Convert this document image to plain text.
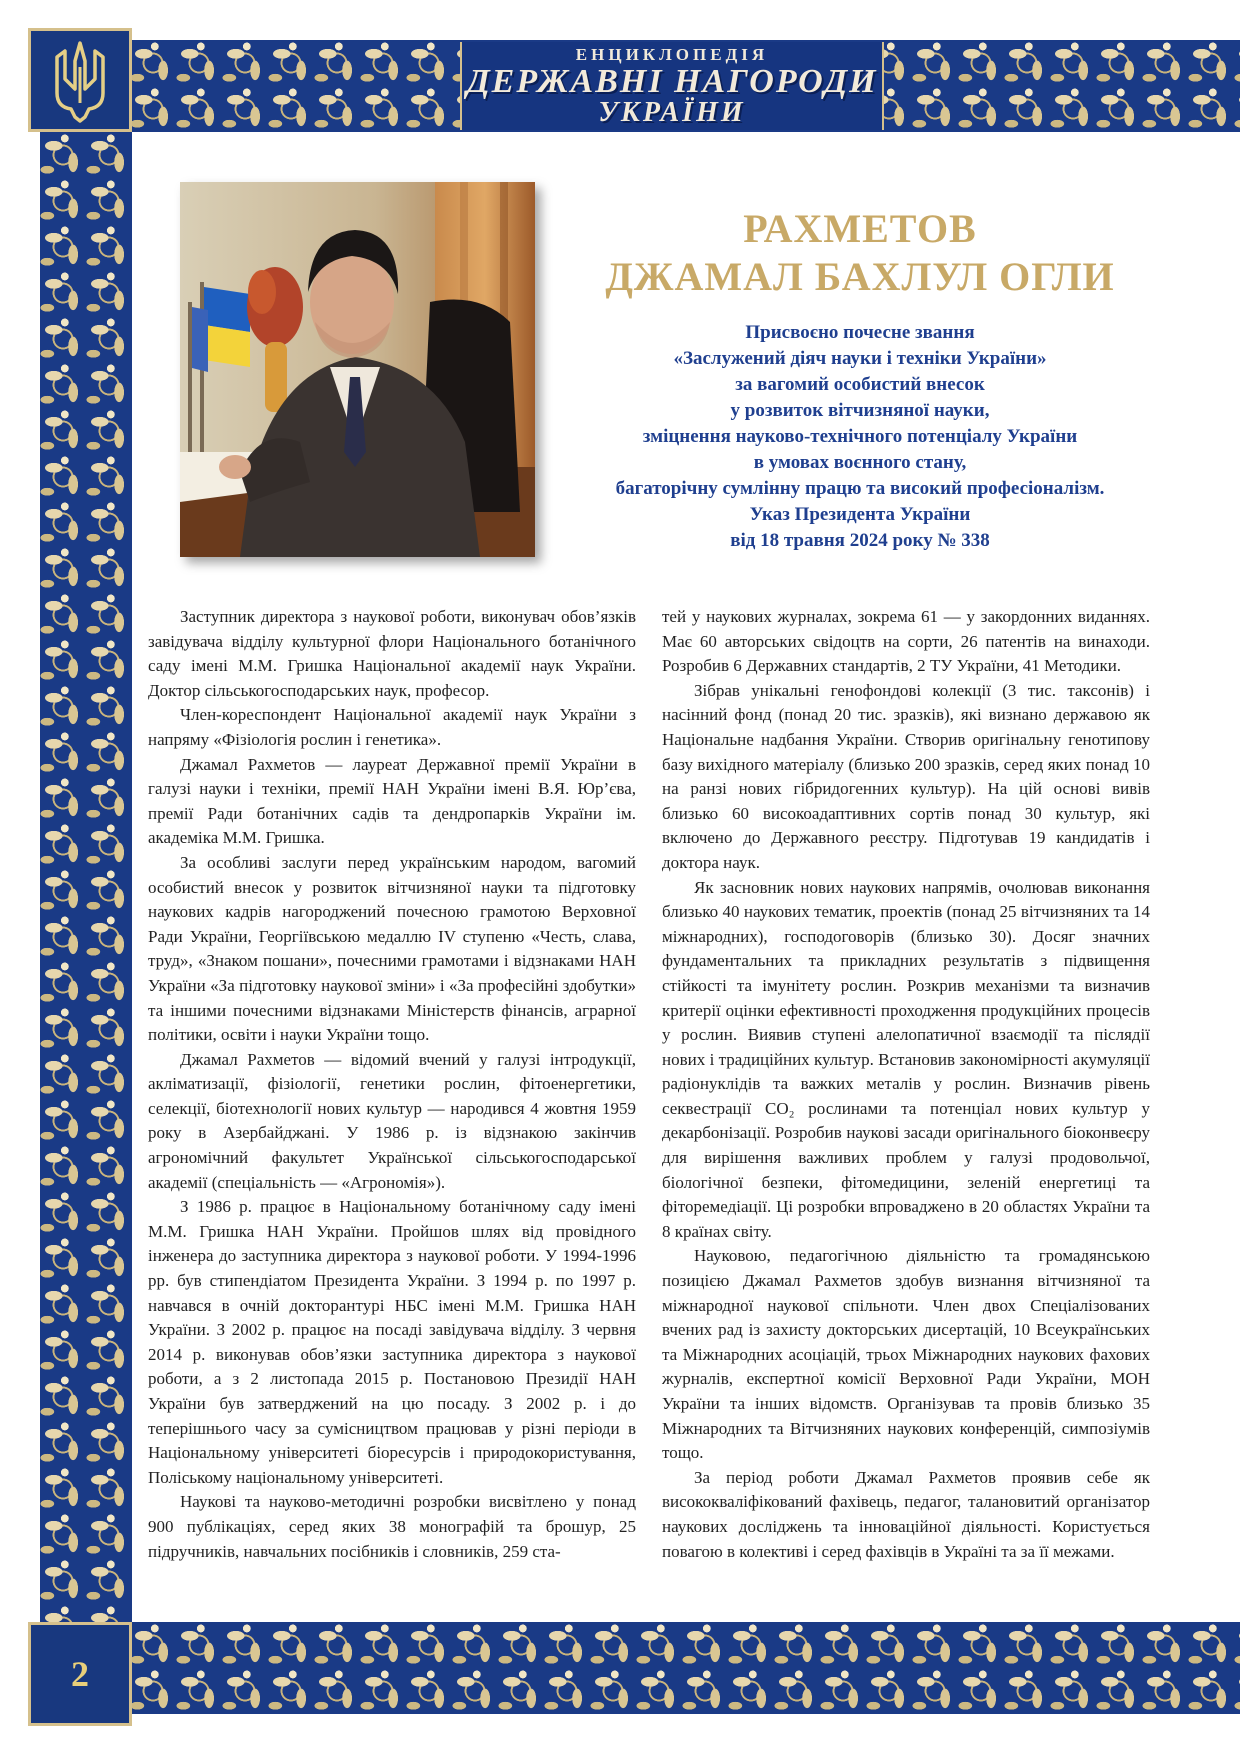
ЕНЦИКЛОПЕДІЯ
ДЕРЖАВНІ НАГОРОДИ
УКРАЇНИ
2
РАХМЕТОВ
ДЖАМАЛ БАХЛУЛ ОГЛИ
Присвоєно почесне звання
«Заслужений діяч науки і техніки України»
за вагомий особистий внесок
у розвиток вітчизняної науки,
зміцнення науково-технічного потенціалу України
в умовах воєнного стану,
багаторічну сумлінну працю та високий професіоналізм.
Указ Президента України
від 18 травня 2024 року № 338

Заступник директора з наукової роботи, виконувач обов’язків завідувача відділу культурної флори Національного ботанічного саду імені М.М. Гришка Національної академії наук України. Доктор сільськогосподарських наук, професор.

Член-кореспондент Національної академії наук України з напряму «Фізіологія рослин і генетика».

Джамал Рахметов — лауреат Державної премії України в галузі науки і техніки, премії НАН України імені В.Я. Юр’єва, премії Ради ботанічних садів та дендропарків України ім. академіка М.М. Гришка.

За особливі заслуги перед українським народом, вагомий особистий внесок у розвиток вітчизняної науки та підготовку наукових кадрів нагороджений почесною грамотою Верховної Ради України, Георгіївською медаллю IV ступеню «Честь, слава, труд», «Знаком пошани», почесними грамотами і відзнаками НАН України «За підготовку наукової зміни» і «За професійні здобутки» та іншими почесними відзнаками Міністерств фінансів, аграрної політики, освіти і науки України тощо.

Джамал Рахметов — відомий вчений у галузі інтродукції, акліматизації, фізіології, генетики рослин, фітоенергетики, селекції, біотехнології нових культур — народився 4 жовтня 1959 року в Азербайджані. У 1986 р. із відзнакою закінчив агрономічний факультет Української сільськогосподарської академії (спеціальність — «Агрономія»).

З 1986 р. працює в Національному ботанічному саду імені М.М. Гришка НАН України. Пройшов шлях від провідного інженера до заступника директора з наукової роботи. У 1994-1996 рр. був стипендіатом Президента України. З 1994 р. по 1997 р. навчався в очній докторантурі НБС імені М.М. Гришка НАН України. З 2002 р. працює на посаді завідувача відділу. З червня 2014 р. виконував обов’язки заступника директора з наукової роботи, а з 2 листопада 2015 р. Постановою Президії НАН України був затверджений на цю посаду. З 2002 р. і до теперішнього часу за сумісництвом працював у різні періоди в Національному університеті біоресурсів і природокористування, Поліському національному університеті.

Наукові та науково-методичні розробки висвітлено у понад 900 публікаціях, серед яких 38 монографій та брошур, 25 підручників, навчальних посібників і словників, 259 ста-

тей у наукових журналах, зокрема 61 — у закордонних виданнях. Має 60 авторських свідоцтв на сорти, 26 патентів на винаходи. Розробив 6 Державних стандартів, 2 ТУ України, 41 Методики.

Зібрав унікальні генофондові колекції (3 тис. таксонів) і насінний фонд (понад 20 тис. зразків), які визнано державою як Національне надбання України. Створив оригінальну генотипову базу вихідного матеріалу (близько 200 зразків, серед яких понад 10 на ранзі нових гібридогенних культур). На цій основі вивів близько 60 високоадаптивних сортів понад 30 культур, які включено до Державного реєстру. Підготував 19 кандидатів і доктора наук.

Як засновник нових наукових напрямів, очолював виконання близько 40 наукових тематик, проектів (понад 25 вітчизняних та 14 міжнародних), господоговорів (близько 30). Досяг значних фундаментальних та прикладних результатів з підвищення стійкості та імунітету рослин. Розкрив механізми та визначив критерії оцінки ефективності проходження продукційних процесів у рослин. Виявив ступені алелопатичної взаємодії та післядії нових і традиційних культур. Встановив закономірності акумуляції радіонуклідів та важких металів у рослин. Визначив рівень секвестрації CO₂ рослинами та потенціал нових культур у декарбонізації. Розробив наукові засади оригінального біоконвеєру для вирішення важливих проблем у галузі продовольчої, біологічної безпеки, фітомедицини, зеленій енергетиці та фіторемедіації. Ці розробки впроваджено в 20 областях України та 8 країнах світу.

Науковою, педагогічною діяльністю та громадянською позицією Джамал Рахметов здобув визнання вітчизняної та міжнародної наукової спільноти. Член двох Спеціалізованих вчених рад із захисту докторських дисертацій, 10 Всеукраїнських та Міжнародних асоціацій, трьох Міжнародних наукових фахових журналів, експертної комісії Верховної Ради України, МОН України та інших відомств. Організував та провів близько 35 Міжнародних та Вітчизняних наукових конференцій, симпозіумів тощо.

За період роботи Джамал Рахметов проявив себе як висококваліфікований фахівець, педагог, талановитий організатор наукових досліджень та інноваційної діяльності. Користується повагою в колективі і серед фахівців в Україні та за її межами.
